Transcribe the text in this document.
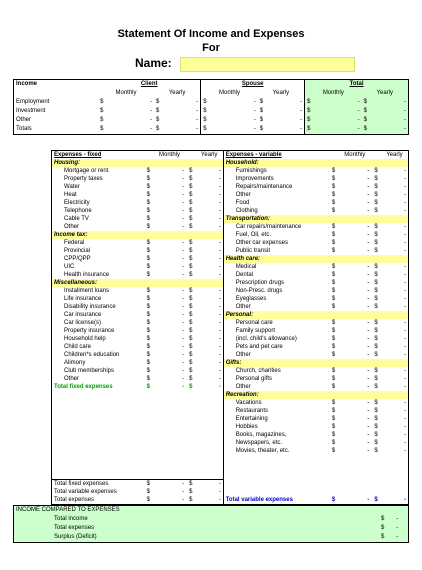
Statement Of Income and Expenses
For
Name:
Income	Client				Spouse				Total			
	Monthly		Yearly		Monthly		Yearly		Monthly		Yearly	
Employment	$	-	$	-	$	-	$	-	$	-	$	-
Investment	$	-	$	-	$	-	$	-	$	-	$	-
Other	$	-	$	-	$	-	$	-	$	-	$	-
Totals	$	-	$	-	$	-	$	-	$	-	$	-
Expenses - fixed		Monthly		Yearly	Expenses - variable		Monthly		Yearly
Housing:					Household:				
Mortgage or rent	$	-	$	-	Furnishings	$	-	$	-
Property taxes	$	-	$	-	Improvements	$	-	$	-
Water	$	-	$	-	Repairs/maintenance	$	-	$	-
Heat	$	-	$	-	Other	$	-	$	-
Electricity	$	-	$	-	Food	$	-	$	-
Telephone	$	-	$	-	Clothing	$	-	$	-
Cable TV	$	-	$	-	Transportation:				
Other	$	-	$	-	Car repairs/maintenance	$	-	$	-
Income tax:					Fuel, Oil, etc.	$	-	$	-
Federal	$	-	$	-	Other car expenses	$	-	$	-
Provincial	$	-	$	-	Public transit	$	-	$	-
CPP/QPP	$	-	$	-	Health care:				
UIC	$	-	$	-	Medical	$	-	$	-
Health insurance	$	-	$	-	Dental	$	-	$	-
Miscellaneous:					Prescription drugs	$	-	$	-
Installment loans	$	-	$	-	Non-Presc. drugs	$	-	$	-
Life insurance	$	-	$	-	Eyeglasses	$	-	$	-
Disability insurance	$	-	$	-	Other	$	-	$	-
Car insurance	$	-	$	-	Personal:				
Car license(s)	$	-	$	-	Personal care	$	-	$	-
Property insurance	$	-	$	-	Family support	$	-	$	-
Household help	$	-	$	-	(incl. child's allowance)	$	-	$	-
Child care	$	-	$	-	Pets and pet care	$	-	$	-
Children*s education	$	-	$	-	Other	$	-	$	-
Alimony	$	-	$	-	Gifts:				
Club memberships	$	-	$	-	Church, charities	$	-	$	-
Other	$	-	$	-	Personal gifts	$	-	$	-
Total fixed expenses	$	-	$	-	Other	$	-	$	-
					Recreation:				
					Vacations	$	-	$	-
					Restaurants	$	-	$	-
					Entertaining	$	-	$	-
					Hobbies	$	-	$	-
					Books, magazines,	$	-	$	-
					Newspapers, etc.	$	-	$	-
					Movies, theater, etc.	$	-	$	-

Total fixed expenses	$	-	$	-					
Total variable expenses	$	-	$	-					
Total expenses	$	-	$	-	Total variable expenses	$	-	$	-
INCOME COMPARED TO EXPENSES			
Total income	$	-	
Total expenses	$	-	
Surplus (Deficit)	$	-	
